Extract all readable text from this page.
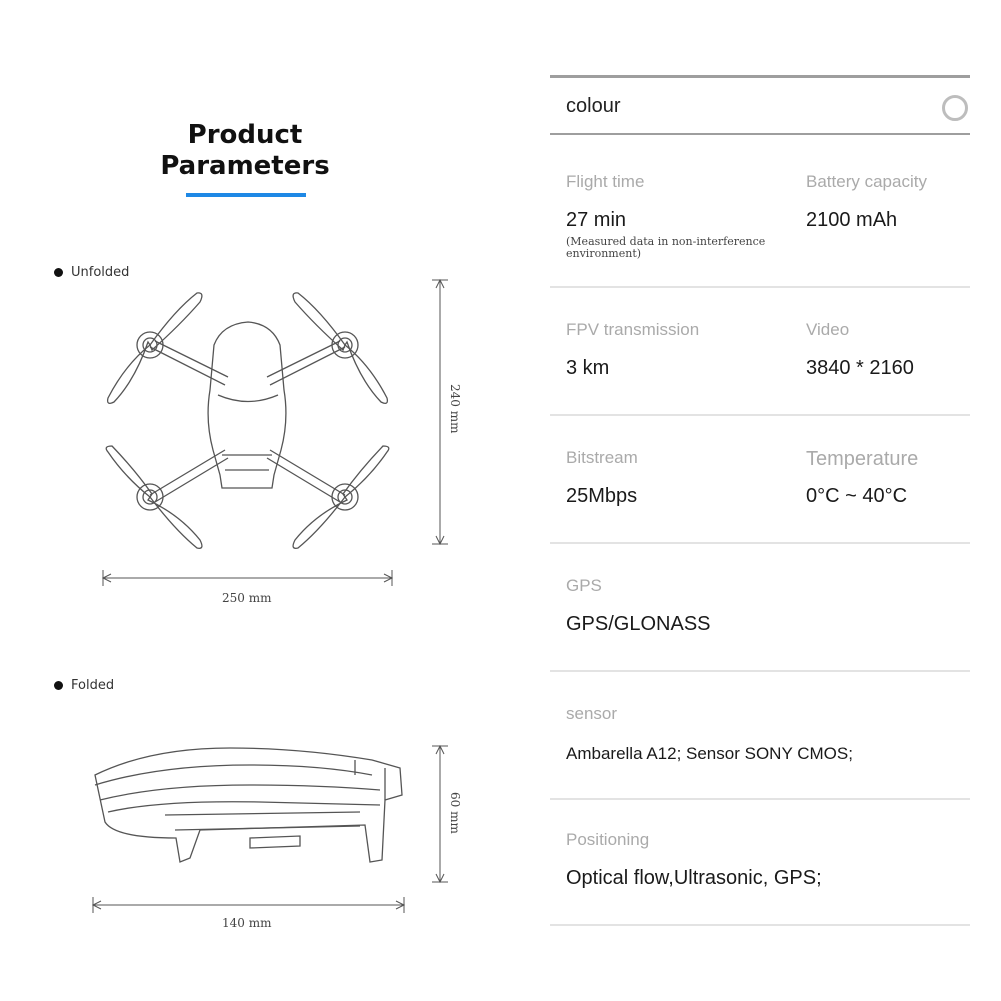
Product
Parameters
Unfolded
Folded
250 mm
240 mm
140 mm
60 mm
colour
Flight time
27 min
(Measured data in non-interference environment)
Battery capacity
2100 mAh
FPV transmission
3 km
Video
3840 * 2160
Bitstream
25Mbps
Temperature
0°C ~ 40°C
GPS
GPS/GLONASS
sensor
Ambarella A12; Sensor SONY CMOS;
Positioning
Optical flow,Ultrasonic, GPS;
